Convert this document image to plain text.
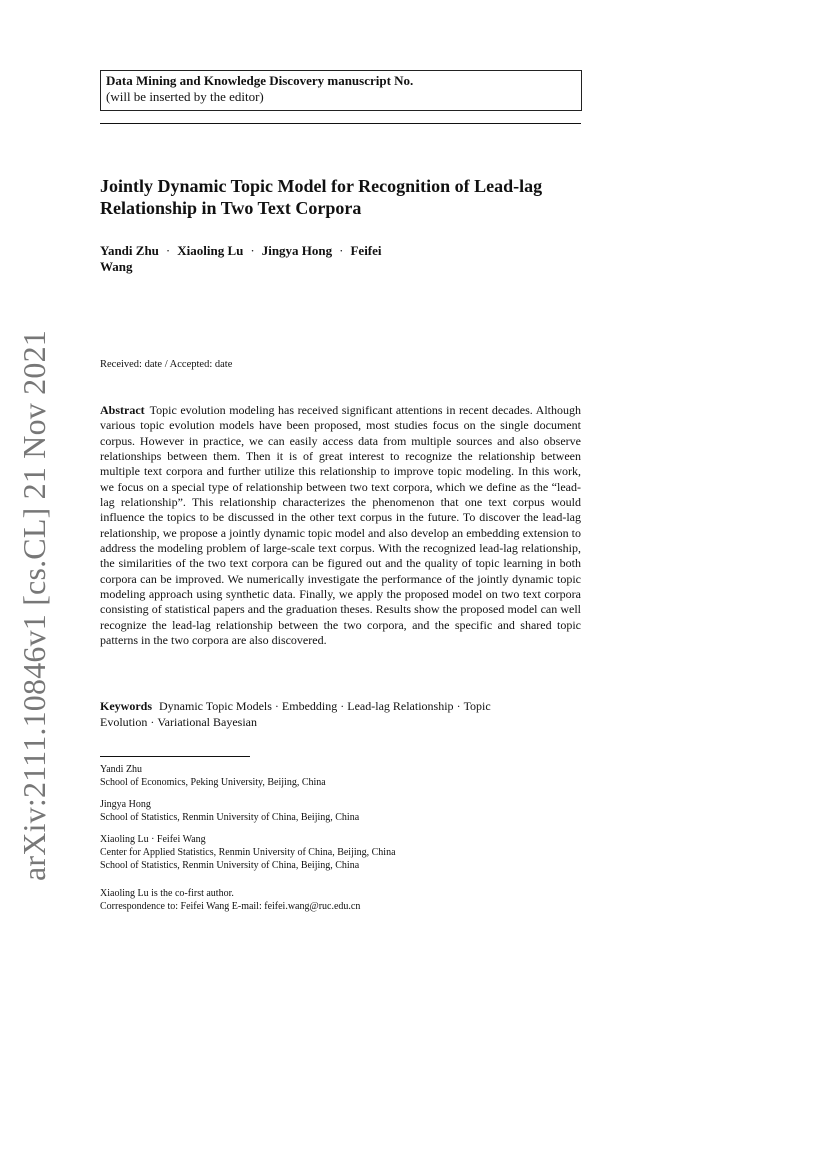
arXiv:2111.10846v1 [cs.CL] 21 Nov 2021
Data Mining and Knowledge Discovery manuscript No.
(will be inserted by the editor)
Jointly Dynamic Topic Model for Recognition of Lead-lag Relationship in Two Text Corpora
Yandi Zhu · Xiaoling Lu · Jingya Hong · Feifei Wang
Received: date / Accepted: date

Abstract Topic evolution modeling has received significant attentions in recent decades. Although various topic evolution models have been proposed, most studies focus on the single document corpus. However in practice, we can easily access data from multiple sources and also observe relationships between them. Then it is of great interest to recognize the relationship between multiple text corpora and further utilize this relationship to improve topic modeling. In this work, we focus on a special type of relationship between two text corpora, which we define as the “lead-lag relationship”. This relationship characterizes the phenomenon that one text corpus would influence the topics to be discussed in the other text corpus in the future. To discover the lead-lag relationship, we propose a jointly dynamic topic model and also develop an embedding extension to address the modeling problem of large-scale text corpus. With the recognized lead-lag relationship, the similarities of the two text corpora can be figured out and the quality of topic learning in both corpora can be improved. We numerically investigate the performance of the jointly dynamic topic modeling approach using synthetic data. Finally, we apply the proposed model on two text corpora consisting of statistical papers and the graduation theses. Results show the proposed model can well recognize the lead-lag relationship between the two corpora, and the specific and shared topic patterns in the two corpora are also discovered.

Keywords Dynamic Topic Models · Embedding · Lead-lag Relationship · Topic Evolution · Variational Bayesian
Yandi Zhu
School of Economics, Peking University, Beijing, China
Jingya Hong
School of Statistics, Renmin University of China, Beijing, China
Xiaoling Lu · Feifei Wang
Center for Applied Statistics, Renmin University of China, Beijing, China
School of Statistics, Renmin University of China, Beijing, China
Xiaoling Lu is the co-first author.
Correspondence to: Feifei Wang E-mail: feifei.wang@ruc.edu.cn
